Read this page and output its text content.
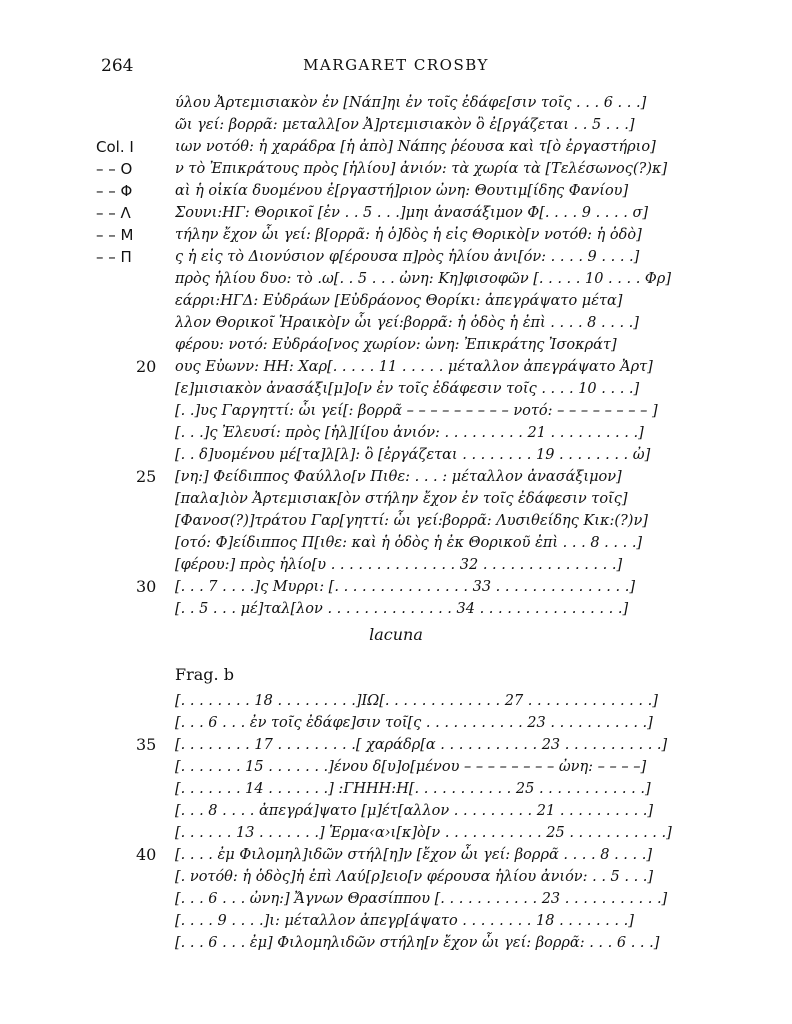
264	MARGARET CROSBY
ύλου Ἀρτεμισιακὸν ἐν [Νάπ]ηι ἐν τοῖς ἐδάφε[σιν τοῖς . . . 6 . . .]
ῶι γεί: βορρᾶ: μεταλλ[ον Ἀ]ρτεμισιακὸν ὃ ἐ[ργάζεται . . 5 . . .]
Col. I	ιων νοτόθ: ἡ χαράδρα [ἡ ἀπὸ] Νάπης ῥέουσα καὶ τ[ὸ ἐργαστήριο]
– – O	ν τὸ Ἐπικράτους πρὸς [ἡλίου] ἀνιόν: τὰ χωρία τὰ [Τελέσωνος(?)κ]
– – Φ	αὶ ἡ οἰκία δυομένου ἐ[ργαστή]ριον ὠνη: Θουτιμ[ίδης Φανίου]
– – Λ	Σουνι:ΗΓ: Θορικοῖ [ἐν . . 5 . . .]μηι ἀνασάξιμον Φ[. . . . 9 . . . . σ]
– – M	τήλην ἔχον ὧι γεί: β[ορρᾶ: ἡ ὁ]δὸς ἡ εἰς Θορικὸ[ν νοτόθ: ἡ ὁδὸ]
– – Π	ς ἡ εἰς τὸ Διονύσιον φ[έρουσα π]ρὸς ἡλίου ἀνι[όν: . . . . 9 . . . .]
πρὸς ἡλίου δυο: τὸ .ω[. . 5 . . . ὠνη: Κη]φισοφῶν [. . . . . 10 . . . . Φρ]
εάρρι:ΗΓΔ: Εὐδράων [Εὐδράονος Θορίκι: ἀπεγράψατο μέτα]
λλον Θορικοῖ Ἡραικὸ[ν ὧι γεί:βορρᾶ: ἡ ὁδὸς ἡ ἐπὶ . . . . 8 . . . .]
φέρου: νοτό: Εὐδράο[νος χωρίον: ὠνη: Ἐπικράτης Ἰσοκράτ]
20	ους Εὐωνν: ΗΗ: Χαρ[. . . . . 11 . . . . . μέταλλον ἀπεγράψατο Ἀρτ]
[ε]μισιακὸν ἀνασάξι[μ]ο[ν ἐν τοῖς ἐδάφεσιν τοῖς . . . . 10 . . . .]
[. .]υς Γαργηττί: ὧι γεί[: βορρᾶ – – – – – – – – – νοτό: – – – – – – – – ]
[. . .]ς Ἐλευσί: πρὸς [ἡλ][ί[ου ἀνιόν: . . . . . . . . . 21 . . . . . . . . . .]
[. . δ]υομένου μέ[τα]λ[λ]: ὃ [ἐργάζεται . . . . . . . . 19 . . . . . . . . ὠ]
25	[νη:] Φείδιππος Φαύλλο[ν Πιθε: . . . : μέταλλον ἀνασάξιμον]
[παλα]ιὸν Ἀρτεμισιακ[ὸν στήλην ἔχον ἐν τοῖς ἐδάφεσιν τοῖς]
[Φανοσ(?)]τράτου Γαρ[γηττί: ὧι γεί:βορρᾶ: Λυσιθείδης Κικ:(?)ν]
[οτό: Φ]είδιππος Π[ιθε: καὶ ἡ ὁδὸς ἡ ἐκ Θορικοῦ ἐπὶ . . . 8 . . . .]
[φέρου:] πρὸς ἡλίο[υ . . . . . . . . . . . . . . 32 . . . . . . . . . . . . . . .]
30	[. . . 7 . . . .]ς Μυρρι: [. . . . . . . . . . . . . . . 33 . . . . . . . . . . . . . . .]
[. . 5 . . . μέ]ταλ[λον . . . . . . . . . . . . . . 34 . . . . . . . . . . . . . . . .]
lacuna
Frag. b
[. . . . . . . . 18 . . . . . . . . .]ΙΩ[. . . . . . . . . . . . . 27 . . . . . . . . . . . . . .]
[. . . 6 . . . ἐν τοῖς ἐδάφε]σιν τοῖ[ς . . . . . . . . . . . 23 . . . . . . . . . . .]
35	[. . . . . . . . 17 . . . . . . . . .[ χαράδρ[α . . . . . . . . . . . 23 . . . . . . . . . . .]
[. . . . . . . 15 . . . . . . .]ένου δ[υ]ο[μένου – – – – – – – – ὠνη: – – – –]
[. . . . . . . 14 . . . . . . .] :ΓΗΗΗ:Η[. . . . . . . . . . . 25 . . . . . . . . . . . .]
[. . . 8 . . . . ἀπεγρά]ψατο [μ]έτ[αλλον . . . . . . . . . 21 . . . . . . . . . .]
[. . . . . . 13 . . . . . . .] Ἑρμα‹α›ι[κ]ὸ[ν . . . . . . . . . . . 25 . . . . . . . . . . .]
40	[. . . . ἐμ Φιλομηλ]ιδῶν στήλ[η]ν [ἔχον ὧι γεί: βορρᾶ . . . . 8 . . . .]
[. νοτόθ: ἡ ὁδὸς]ἡ ἐπὶ Λαύ[ρ]ειο[ν φέρουσα ἡλίου ἀνιόν: . . 5 . . .]
[. . . 6 . . . ὠνη:] Ἄγνων Θρασίππου [. . . . . . . . . . . 23 . . . . . . . . . . .]
[. . . . 9 . . . .]ι: μέταλλον ἀπεγρ[άψατο . . . . . . . . 18 . . . . . . . .]
[. . . 6 . . . ἐμ] Φιλομηλιδῶν στήλη[ν ἔχον ὧι γεί: βορρᾶ: . . . 6 . . .]
